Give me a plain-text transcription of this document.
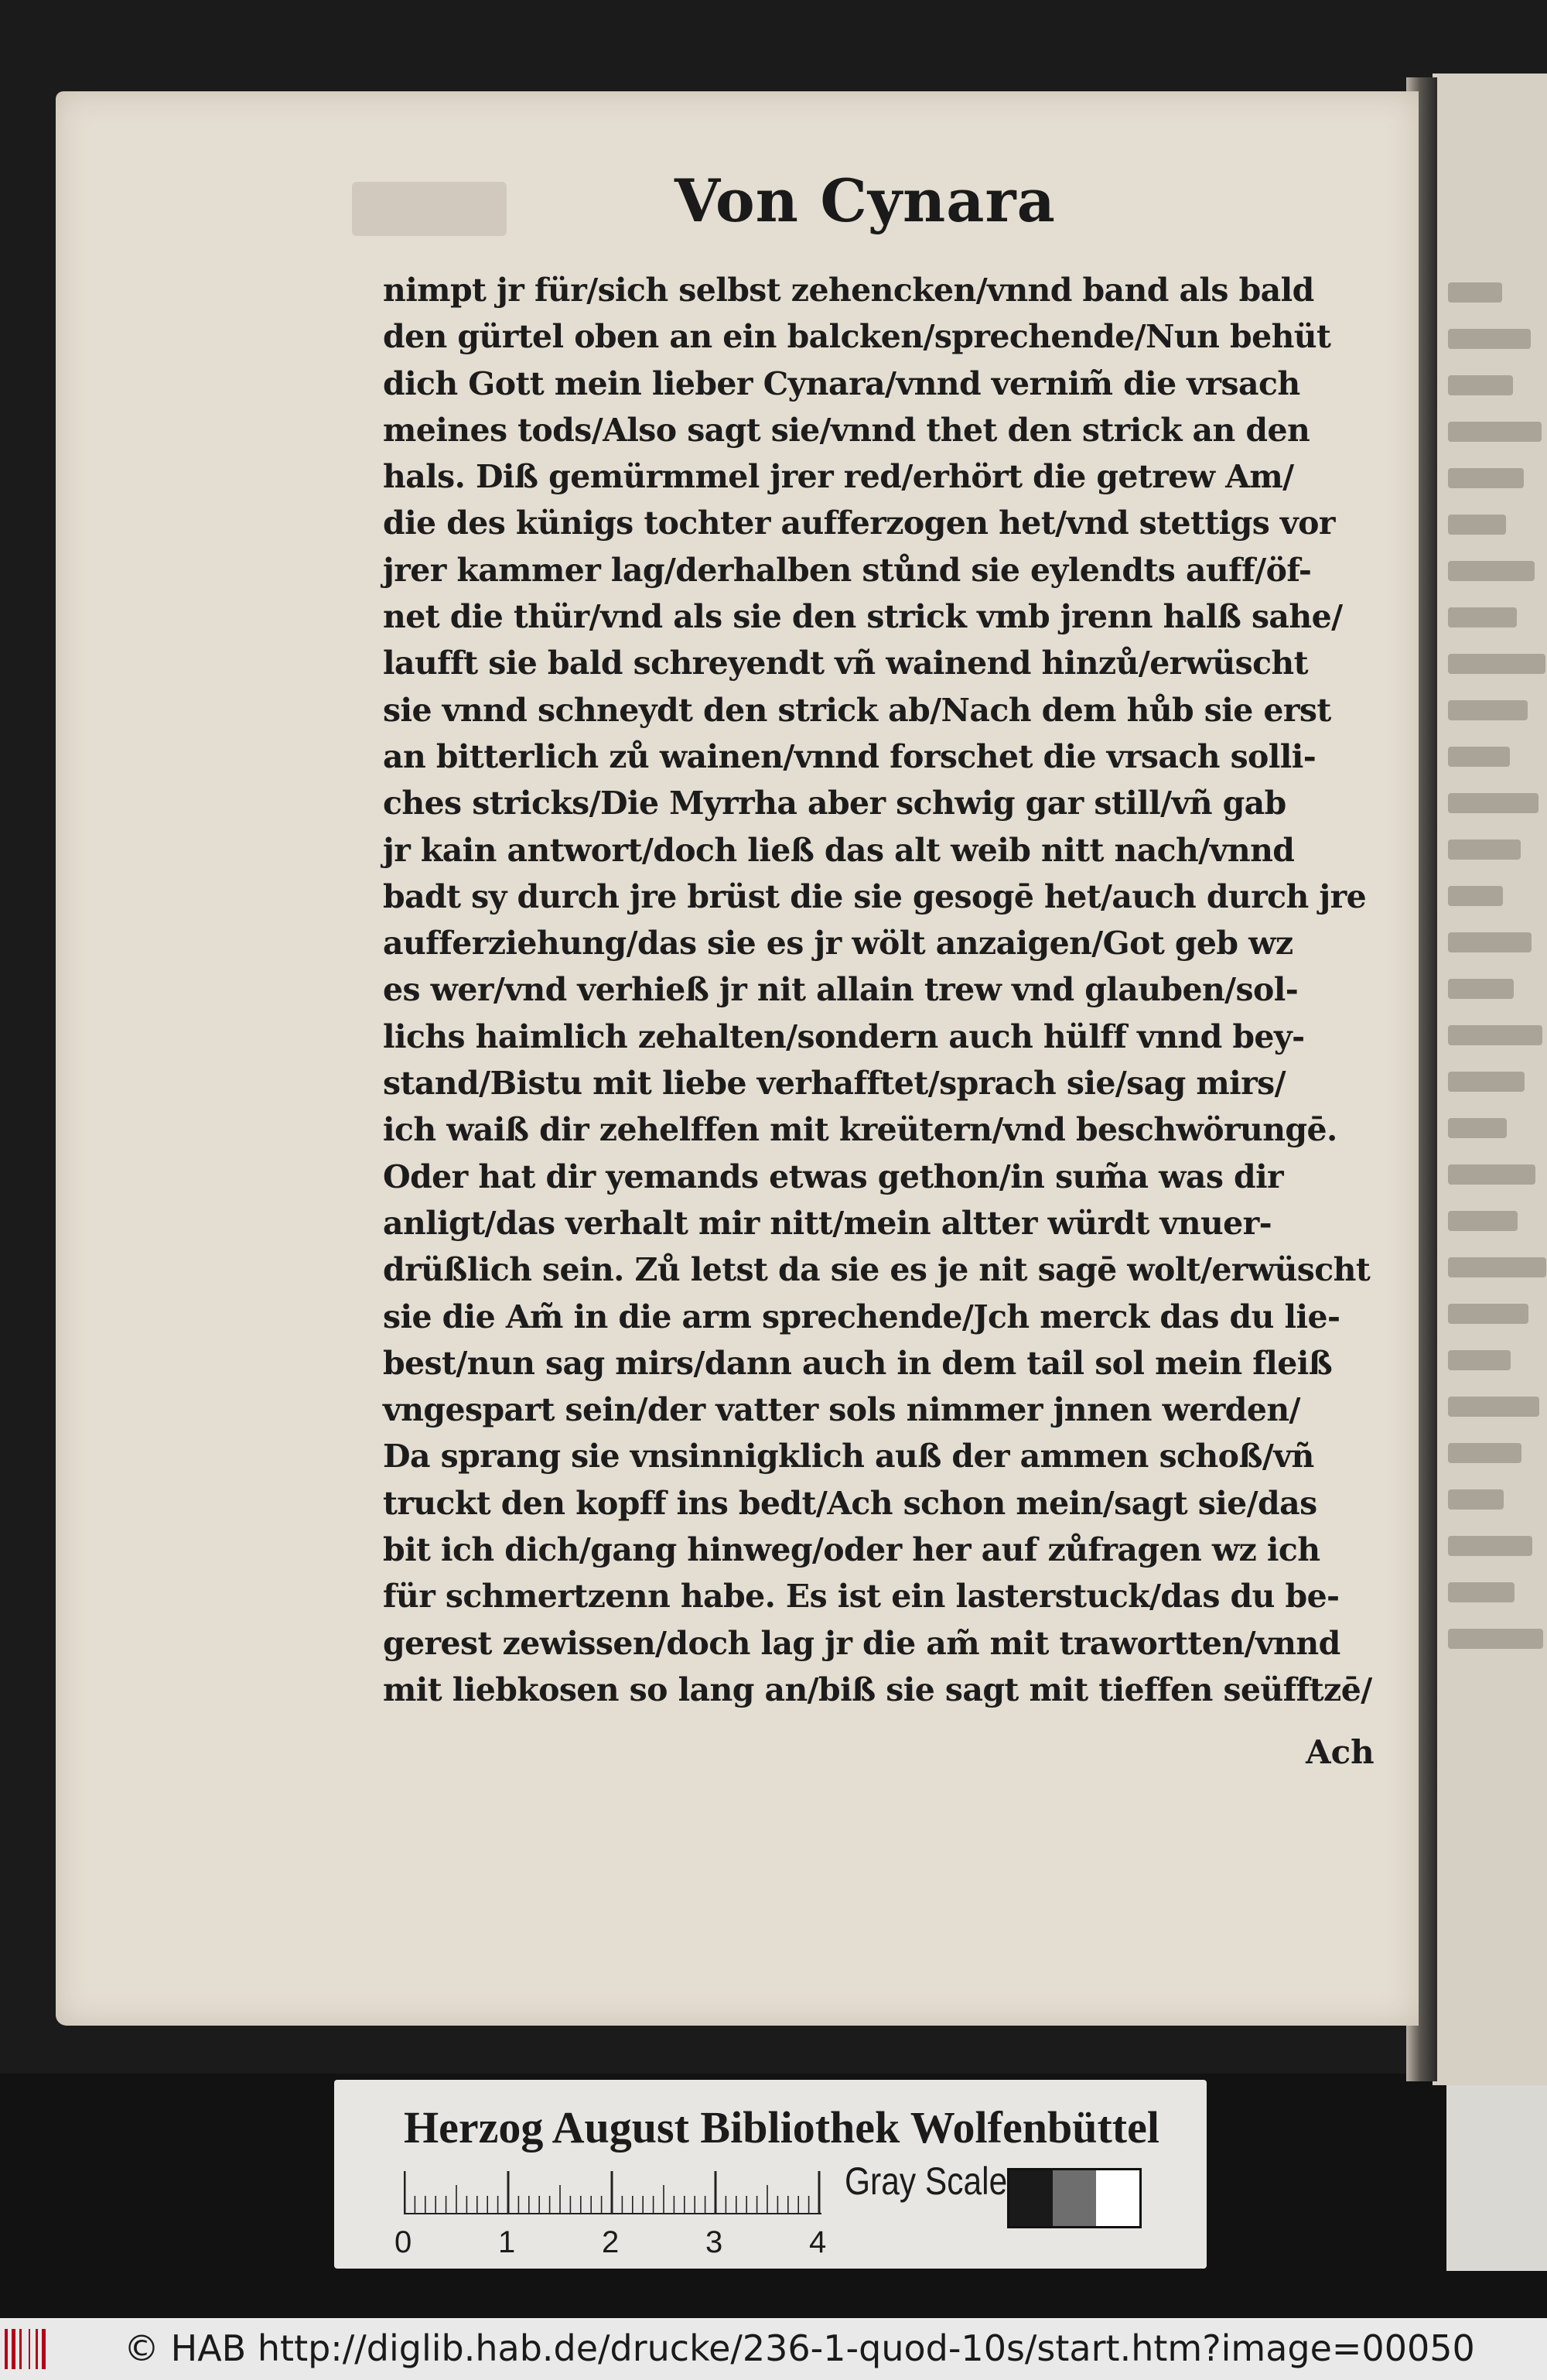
Von Cynara
nimpt jr für/sich selbst zehencken/vnnd band als bald
den gürtel oben an ein balcken/sprechende/Nun behüt
dich Gott mein lieber Cynara/vnnd vernim̃ die vrsach
meines tods/Also sagt sie/vnnd thet den strick an den
hals. Diß gemürmmel jrer red/erhört die getrew Am/
die des künigs tochter aufferzogen het/vnd stettigs vor
jrer kammer lag/derhalben stůnd sie eylendts auff/öf-
net die thür/vnd als sie den strick vmb jrenn halß sahe/
laufft sie bald schreyendt vñ wainend hinzů/erwüscht
sie vnnd schneydt den strick ab/Nach dem hůb sie erst
an bitterlich zů wainen/vnnd forschet die vrsach solli-
ches stricks/Die Myrrha aber schwig gar still/vñ gab
jr kain antwort/doch ließ das alt weib nitt nach/vnnd
badt sy durch jre brüst die sie gesogē het/auch durch jre
aufferziehung/das sie es jr wölt anzaigen/Got geb wz
es wer/vnd verhieß jr nit allain trew vnd glauben/sol-
lichs haimlich zehalten/sondern auch hülff vnnd bey-
stand/Bistu mit liebe verhafftet/sprach sie/sag mirs/
ich waiß dir zehelffen mit kreütern/vnd beschwörungē.
Oder hat dir yemands etwas gethon/in sum̃a was dir
anligt/das verhalt mir nitt/mein altter würdt vnuer-
drüßlich sein. Zů letst da sie es je nit sagē wolt/erwüscht
sie die Am̃ in die arm sprechende/Jch merck das du lie-
best/nun sag mirs/dann auch in dem tail sol mein fleiß
vngespart sein/der vatter sols nimmer jnnen werden/
Da sprang sie vnsinnigklich auß der ammen schoß/vñ
truckt den kopff ins bedt/Ach schon mein/sagt sie/das
bit ich dich/gang hinweg/oder her auf zůfragen wz ich
für schmertzenn habe. Es ist ein lasterstuck/das du be-
gerest zewissen/doch lag jr die am̃ mit trawortten/vnnd
mit liebkosen so lang an/biß sie sagt mit tieffen seüfftzē/

Ach

Herzog August Bibliothek Wolfenbüttel

0	1	2	3	4

Gray Scale

© HAB http://diglib.hab.de/drucke/236-1-quod-10s/start.htm?image=00050
